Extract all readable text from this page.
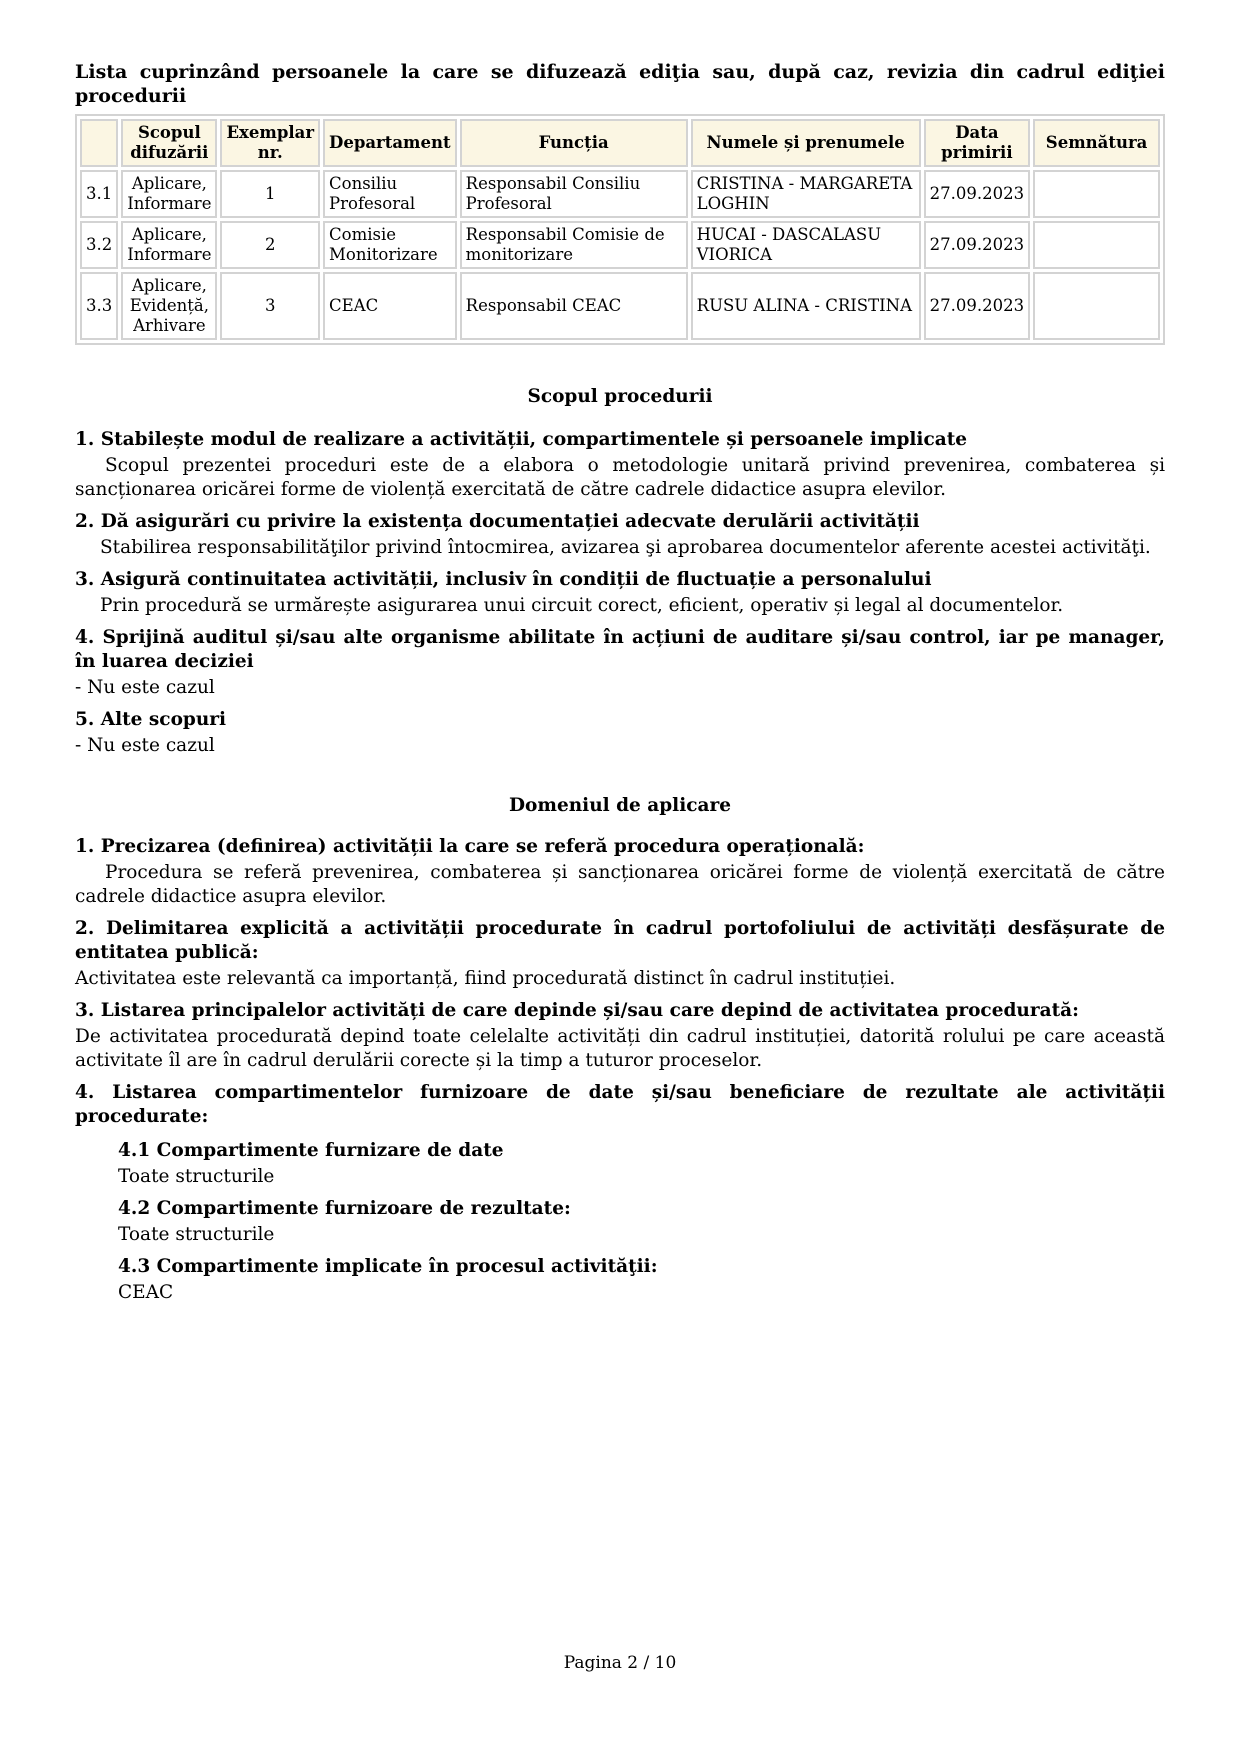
Lista cuprinzând persoanele la care se difuzează ediţia sau, după caz, revizia din cadrul ediţiei procedurii
	Scopul difuzării	Exemplar nr.	Departament	Funcția	Numele și prenumele	Data primirii	Semnătura
3.1	Aplicare, Informare	1	Consiliu Profesoral	Responsabil Consiliu Profesoral	CRISTINA - MARGARETA LOGHIN	27.09.2023	
3.2	Aplicare, Informare	2	Comisie Monitorizare	Responsabil Comisie de monitorizare	HUCAI - DASCALASU VIORICA	27.09.2023	
3.3	Aplicare, Evidență, Arhivare	3	CEAC	Responsabil CEAC	RUSU ALINA - CRISTINA	27.09.2023	
Scopul procedurii
1. Stabilește modul de realizare a activității, compartimentele și persoanele implicate
Scopul prezentei proceduri este de a elabora o metodologie unitară privind prevenirea, combaterea și sancționarea oricărei forme de violență exercitată de către cadrele didactice asupra elevilor.
2. Dă asigurări cu privire la existența documentației adecvate derulării activității
Stabilirea responsabilităţilor privind întocmirea, avizarea şi aprobarea documentelor aferente acestei activităţi.
3. Asigură continuitatea activității, inclusiv în condiții de fluctuație a personalului
Prin procedură se urmărește asigurarea unui circuit corect, eficient, operativ și legal al documentelor.
4. Sprijină auditul și/sau alte organisme abilitate în acțiuni de auditare și/sau control, iar pe manager, în luarea deciziei
- Nu este cazul
5. Alte scopuri
- Nu este cazul
Domeniul de aplicare
1. Precizarea (definirea) activității la care se referă procedura operațională:
Procedura se referă prevenirea, combaterea și sancționarea oricărei forme de violență exercitată de către cadrele didactice asupra elevilor.
2. Delimitarea explicită a activității procedurate în cadrul portofoliului de activități desfășurate de entitatea publică:
Activitatea este relevantă ca importanță, fiind procedurată distinct în cadrul instituției.
3. Listarea principalelor activități de care depinde și/sau care depind de activitatea procedurată:
De activitatea procedurată depind toate celelalte activități din cadrul instituției, datorită rolului pe care această activitate îl are în cadrul derulării corecte și la timp a tuturor proceselor.
4. Listarea compartimentelor furnizoare de date și/sau beneficiare de rezultate ale activității procedurate:
4.1 Compartimente furnizare de date
Toate structurile
4.2 Compartimente furnizoare de rezultate:
Toate structurile
4.3 Compartimente implicate în procesul activităţii:
CEAC
Pagina 2 / 10
